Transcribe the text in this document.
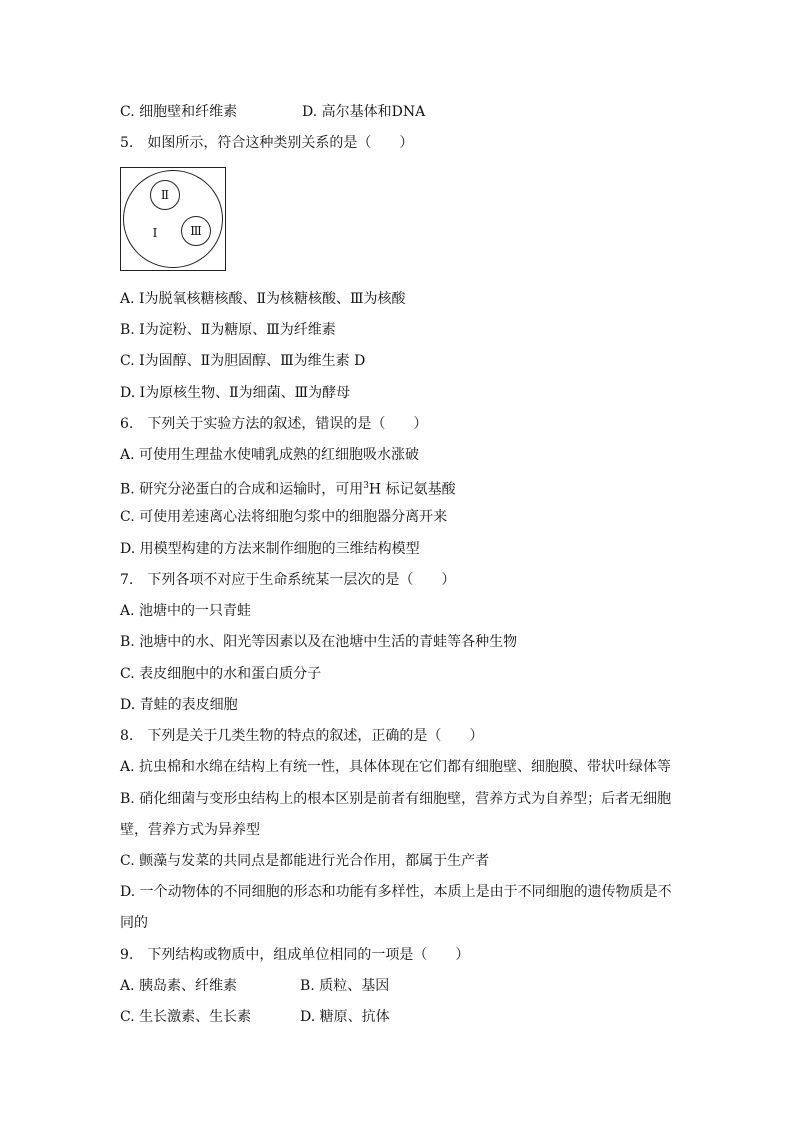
C. 细胞壁和纤维素	D. 高尔基体和DNA
5.　如图所示，符合这种类别关系的是（　　）
Ⅰ
Ⅱ
Ⅲ
A. Ⅰ为脱氧核糖核酸、Ⅱ为核糖核酸、Ⅲ为核酸
B. Ⅰ为淀粉、Ⅱ为糖原、Ⅲ为纤维素
C. Ⅰ为固醇、Ⅱ为胆固醇、Ⅲ为维生素 D
D. Ⅰ为原核生物、Ⅱ为细菌、Ⅲ为酵母
6.　下列关于实验方法的叙述，错误的是（　　）
A. 可使用生理盐水使哺乳成熟的红细胞吸水涨破
B. 研究分泌蛋白的合成和运输时，可用$^3$H 标记氨基酸
C. 可使用差速离心法将细胞匀浆中的细胞器分离开来
D. 用模型构建的方法来制作细胞的三维结构模型
7.　下列各项不对应于生命系统某一层次的是（　　）
A. 池塘中的一只青蛙
B. 池塘中的水、阳光等因素以及在池塘中生活的青蛙等各种生物
C. 表皮细胞中的水和蛋白质分子
D. 青蛙的表皮细胞
8.　下列是关于几类生物的特点的叙述，正确的是（　　）
A. 抗虫棉和水绵在结构上有统一性，具体体现在它们都有细胞壁、细胞膜、带状叶绿体等
B. 硝化细菌与变形虫结构上的根本区别是前者有细胞壁，营养方式为自养型；后者无细胞
壁，营养方式为异养型
C. 颤藻与发菜的共同点是都能进行光合作用，都属于生产者
D. 一个动物体的不同细胞的形态和功能有多样性，本质上是由于不同细胞的遗传物质是不
同的
9.　下列结构或物质中，组成单位相同的一项是（　　）
A. 胰岛素、纤维素	B. 质粒、基因
C. 生长激素、生长素	D. 糖原、抗体
